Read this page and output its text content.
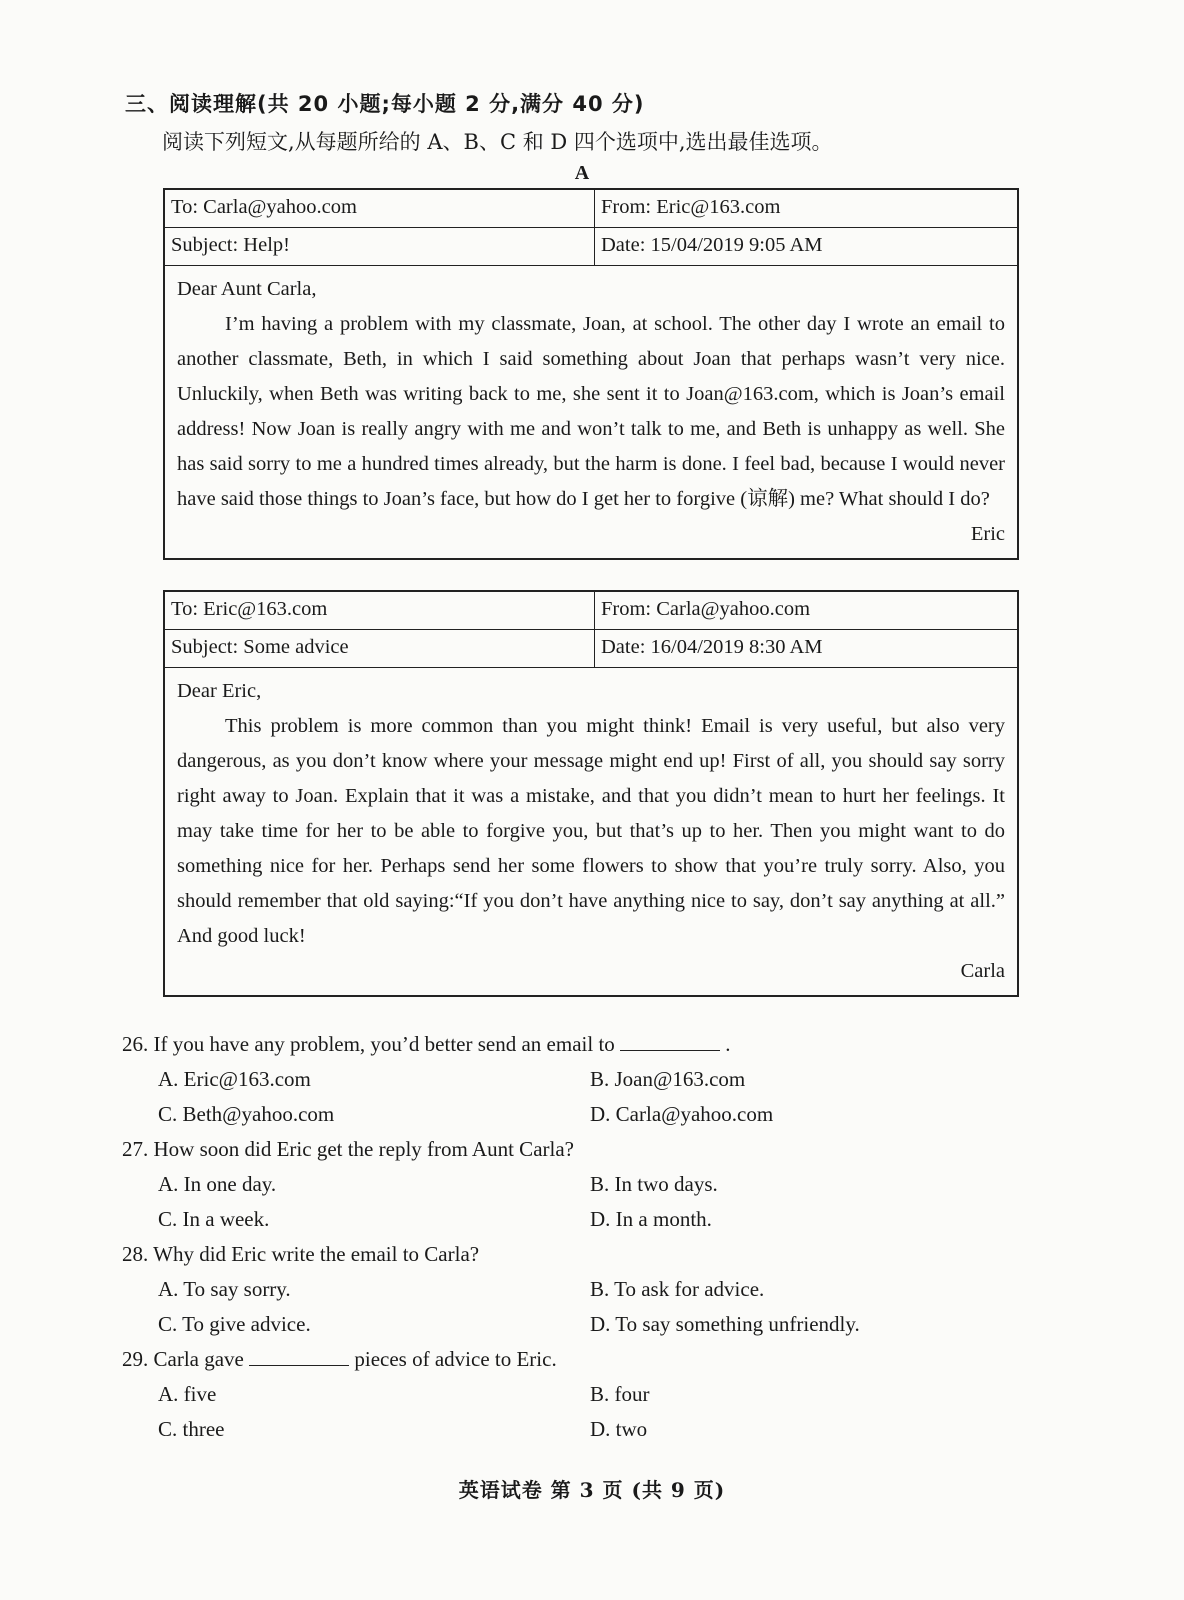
三、阅读理解(共 20 小题;每小题 2 分,满分 40 分)
阅读下列短文,从每题所给的 A、B、C 和 D 四个选项中,选出最佳选项。
A
To: Carla@yahoo.com	From: Eric@163.com
Subject: Help!	Date: 15/04/2019 9:05 AM

Dear Aunt Carla,

I’m having a problem with my classmate, Joan, at school. The other day I wrote an email to another classmate, Beth, in which I said something about Joan that perhaps wasn’t very nice. Unluckily, when Beth was writing back to me, she sent it to Joan@163.com, which is Joan’s email address! Now Joan is really angry with me and won’t talk to me, and Beth is unhappy as well. She has said sorry to me a hundred times already, but the harm is done. I feel bad, because I would never have said those things to Joan’s face, but how do I get her to forgive (谅解) me? What should I do?

Eric
To: Eric@163.com	From: Carla@yahoo.com
Subject: Some advice	Date: 16/04/2019 8:30 AM

Dear Eric,

This problem is more common than you might think! Email is very useful, but also very dangerous, as you don’t know where your message might end up! First of all, you should say sorry right away to Joan. Explain that it was a mistake, and that you didn’t mean to hurt her feelings. It may take time for her to be able to forgive you, but that’s up to her. Then you might want to do something nice for her. Perhaps send her some flowers to show that you’re truly sorry. Also, you should remember that old saying:“If you don’t have anything nice to say, don’t say anything at all.” And good luck!

Carla
26. If you have any problem, you’d better send an email to	.
A. Eric@163.com	B. Joan@163.com
C. Beth@yahoo.com	D. Carla@yahoo.com
27. How soon did Eric get the reply from Aunt Carla?
A. In one day.	B. In two days.
C. In a week.	D. In a month.
28. Why did Eric write the email to Carla?
A. To say sorry.	B. To ask for advice.
C. To give advice.	D. To say something unfriendly.
29. Carla gave	pieces of advice to Eric.
A. five	B. four
C. three	D. two
英语试卷 第 3 页 (共 9 页)
